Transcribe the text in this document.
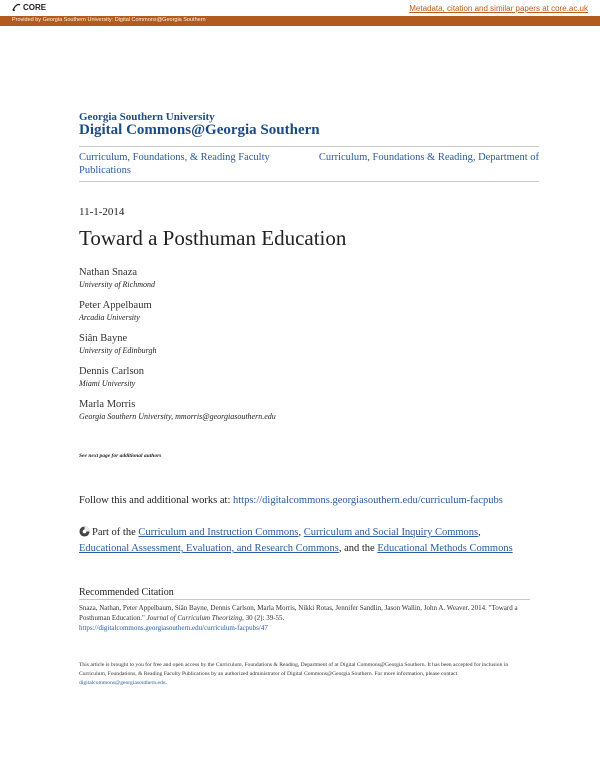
CORE	Metadata, citation and similar papers at core.ac.uk
Provided by Georgia Southern University: Digital Commons@Georgia Southern
Georgia Southern University
Digital Commons@Georgia Southern
Curriculum, Foundations, & Reading Faculty Publications
Curriculum, Foundations & Reading, Department of
11-1-2014
Toward a Posthuman Education
Nathan Snaza
University of Richmond
Peter Appelbaum
Arcadia University
Siân Bayne
University of Edinburgh
Dennis Carlson
Miami University
Marla Morris
Georgia Southern University, mmorris@georgiasouthern.edu
See next page for additional authors
Follow this and additional works at: https://digitalcommons.georgiasouthern.edu/curriculum-facpubs
Part of the Curriculum and Instruction Commons, Curriculum and Social Inquiry Commons, Educational Assessment, Evaluation, and Research Commons, and the Educational Methods Commons
Recommended Citation
Snaza, Nathan, Peter Appelbaum, Siân Bayne, Dennis Carlson, Marla Morris, Nikki Rotas, Jennifer Sandlin, Jason Wallin, John A. Weaver. 2014. "Toward a Posthuman Education." Journal of Curriculum Theorizing, 30 (2): 39-55.
https://digitalcommons.georgiasouthern.edu/curriculum-facpubs/47
This article is brought to you for free and open access by the Curriculum, Foundations & Reading, Department of at Digital Commons@Georgia Southern. It has been accepted for inclusion in Curriculum, Foundations, & Reading Faculty Publications by an authorized administrator of Digital Commons@Georgia Southern. For more information, please contact digitalcommons@georgiasouthern.edu.
